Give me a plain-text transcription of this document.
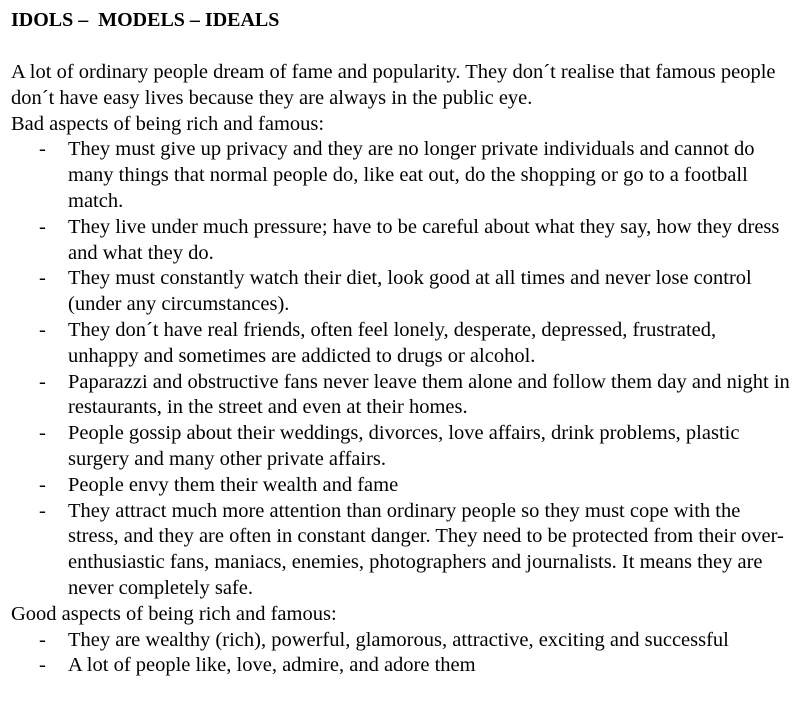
IDOLS –  MODELS – IDEALS

A lot of ordinary people dream of fame and popularity. They don´t realise that famous people don´t have easy lives because they are always in the public eye.

Bad aspects of being rich and famous:

- They must give up privacy and they are no longer private individuals and cannot do many things that normal people do, like eat out, do the shopping or go to a football match.
- They live under much pressure; have to be careful about what they say, how they dress and what they do.
- They must constantly watch their diet, look good at all times and never lose control (under any circumstances).
- They don´t have real friends, often feel lonely, desperate, depressed, frustrated, unhappy and sometimes are addicted to drugs or alcohol.
- Paparazzi and obstructive fans never leave them alone and follow them day and night in restaurants, in the street and even at their homes.
- People gossip about their weddings, divorces, love affairs, drink problems, plastic surgery and many other private affairs.
- People envy them their wealth and fame
- They attract much more attention than ordinary people so they must cope with the stress, and they are often in constant danger. They need to be protected from their over-enthusiastic fans, maniacs, enemies, photographers and journalists. It means they are never completely safe.

Good aspects of being rich and famous:

- They are wealthy (rich), powerful, glamorous, attractive, exciting and successful
- A lot of people like, love, admire, and adore them
